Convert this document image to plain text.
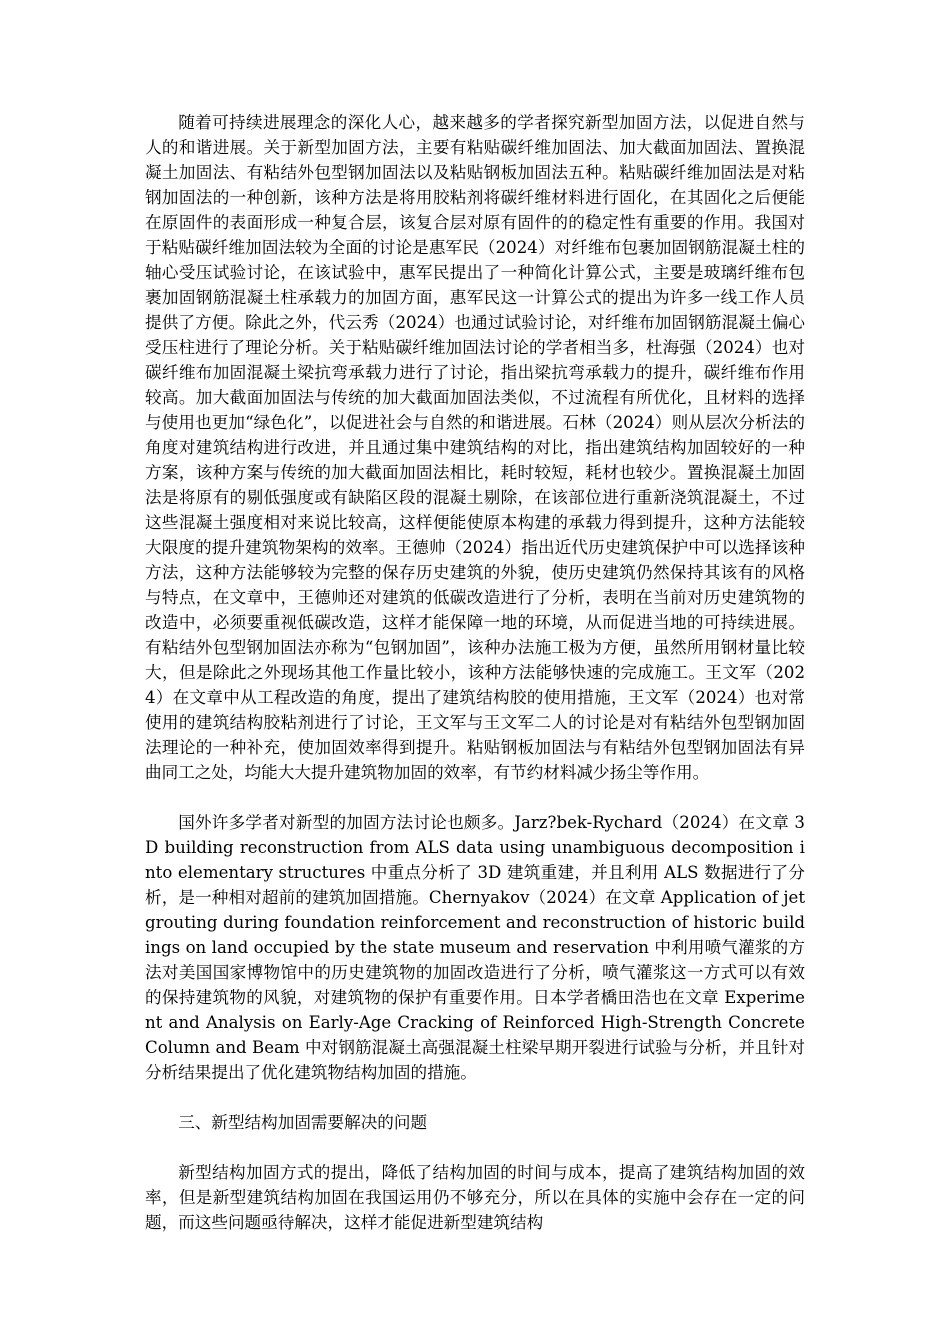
随着可持续进展理念的深化人心，越来越多的学者探究新型加固方法，以促进自然与人的和谐进展。关于新型加固方法，主要有粘贴碳纤维加固法、加大截面加固法、置换混凝土加固法、有粘结外包型钢加固法以及粘贴钢板加固法五种。粘贴碳纤维加固法是对粘钢加固法的一种创新，该种方法是将用胶粘剂将碳纤维材料进行固化，在其固化之后便能在原固件的表面形成一种复合层，该复合层对原有固件的的稳定性有重要的作用。我国对于粘贴碳纤维加固法较为全面的讨论是惠军民（2024）对纤维布包裹加固钢筋混凝土柱的轴心受压试验讨论，在该试验中，惠军民提出了一种简化计算公式，主要是玻璃纤维布包裹加固钢筋混凝土柱承载力的加固方面，惠军民这一计算公式的提出为许多一线工作人员提供了方便。除此之外，代云秀（2024）也通过试验讨论，对纤维布加固钢筋混凝土偏心受压柱进行了理论分析。关于粘贴碳纤维加固法讨论的学者相当多，杜海强（2024）也对碳纤维布加固混凝土梁抗弯承载力进行了讨论，指出梁抗弯承载力的提升，碳纤维布作用较高。加大截面加固法与传统的加大截面加固法类似，不过流程有所优化，且材料的选择与使用也更加“绿色化”，以促进社会与自然的和谐进展。石林（2024）则从层次分析法的角度对建筑结构进行改进，并且通过集中建筑结构的对比，指出建筑结构加固较好的一种方案，该种方案与传统的加大截面加固法相比，耗时较短，耗材也较少。置换混凝土加固法是将原有的剔低强度或有缺陷区段的混凝土剔除，在该部位进行重新浇筑混凝土，不过这些混凝土强度相对来说比较高，这样便能使原本构建的承载力得到提升，这种方法能较大限度的提升建筑物架构的效率。王德帅（2024）指出近代历史建筑保护中可以选择该种方法，这种方法能够较为完整的保存历史建筑的外貌，使历史建筑仍然保持其该有的风格与特点，在文章中，王德帅还对建筑的低碳改造进行了分析，表明在当前对历史建筑物的改造中，必须要重视低碳改造，这样才能保障一地的环境，从而促进当地的可持续进展。有粘结外包型钢加固法亦称为“包钢加固”，该种办法施工极为方便，虽然所用钢材量比较大，但是除此之外现场其他工作量比较小，该种方法能够快速的完成施工。王文军（2024）在文章中从工程改造的角度，提出了建筑结构胶的使用措施，王文军（2024）也对常使用的建筑结构胶粘剂进行了讨论，王文军与王文军二人的讨论是对有粘结外包型钢加固法理论的一种补充，使加固效率得到提升。粘贴钢板加固法与有粘结外包型钢加固法有异曲同工之处，均能大大提升建筑物加固的效率，有节约材料减少扬尘等作用。

国外许多学者对新型的加固方法讨论也颇多。Jarz?bek-Rychard（2024）在文章 3D building reconstruction from ALS data using unambiguous decomposition into elementary structures 中重点分析了 3D 建筑重建，并且利用 ALS 数据进行了分析，是一种相对超前的建筑加固措施。Chernyakov（2024）在文章 Application of jet grouting during foundation reinforcement and reconstruction of historic buildings on land occupied by the state museum and reservation 中利用喷气灌浆的方法对美国国家博物馆中的历史建筑物的加固改造进行了分析，喷气灌浆这一方式可以有效的保持建筑物的风貌，对建筑物的保护有重要作用。日本学者橋田浩也在文章 Experiment and Analysis on Early-Age Cracking of Reinforced High-Strength Concrete Column and Beam 中对钢筋混凝土高强混凝土柱梁早期开裂进行试验与分析，并且针对分析结果提出了优化建筑物结构加固的措施。

三、新型结构加固需要解决的问题

新型结构加固方式的提出，降低了结构加固的时间与成本，提高了建筑结构加固的效率，但是新型建筑结构加固在我国运用仍不够充分，所以在具体的实施中会存在一定的问题，而这些问题亟待解决，这样才能促进新型建筑结构
